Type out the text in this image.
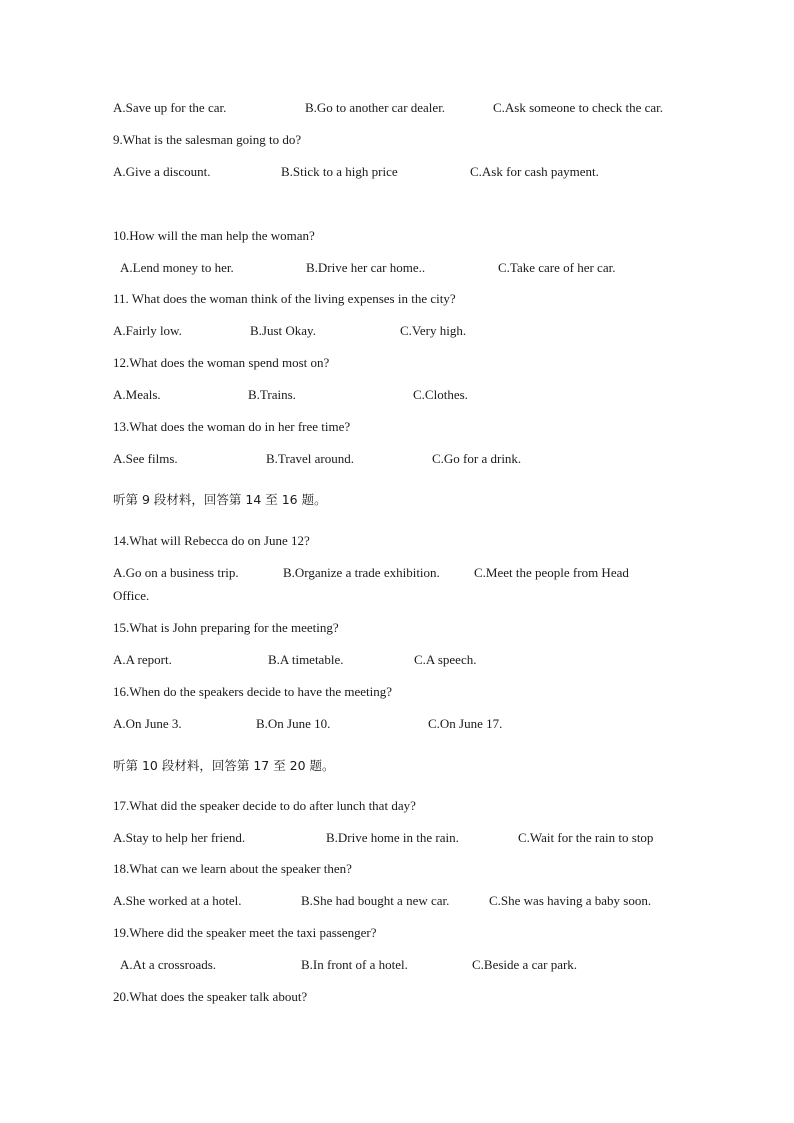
A.Save up for the car.	B.Go to another car dealer.	C.Ask someone to check the car.
9.What is the salesman going to do?
A.Give a discount.	B.Stick to a high price	C.Ask for cash payment.
10.How will the man help the woman?
A.Lend money to her.	B.Drive her car home..	C.Take care of her car.
11. What does the woman think of the living expenses in the city?
A.Fairly low.	B.Just Okay.	C.Very high.
12.What does the woman spend most on?
A.Meals.	B.Trains.	C.Clothes.
13.What does the woman do in her free time?
A.See films.	B.Travel around.	C.Go for a drink.
听第 9 段材料，回答第 14 至 16 题。
14.What will Rebecca do on June 12?
A.Go on a business trip.	B.Organize a trade exhibition.	C.Meet the people from Head
Office.
15.What is John preparing for the meeting?
A.A report.	B.A timetable.	C.A speech.
16.When do the speakers decide to have the meeting?
A.On June 3.	B.On June 10.	C.On June 17.
听第 10 段材料，回答第 17 至 20 题。
17.What did the speaker decide to do after lunch that day?
A.Stay to help her friend.	B.Drive home in the rain.	C.Wait for the rain to stop
18.What can we learn about the speaker then?
A.She worked at a hotel.	B.She had bought a new car.	C.She was having a baby soon.
19.Where did the speaker meet the taxi passenger?
A.At a crossroads.	B.In front of a hotel.	C.Beside a car park.
20.What does the speaker talk about?
